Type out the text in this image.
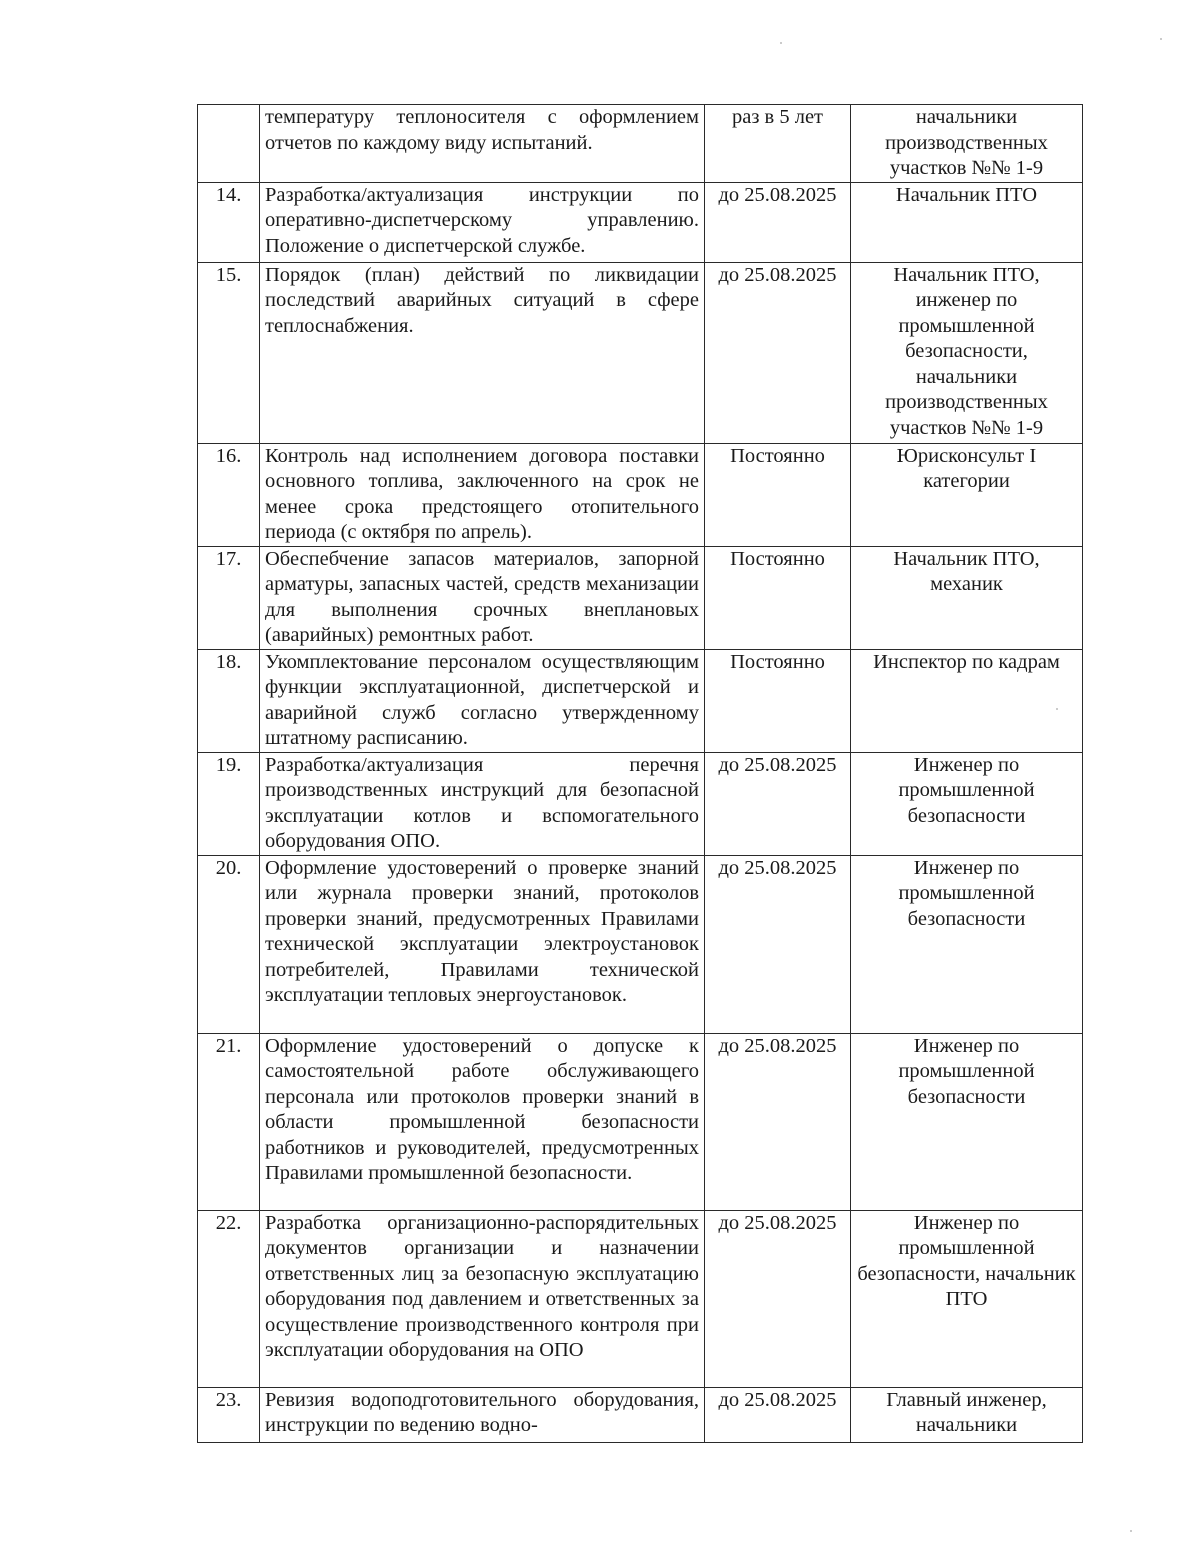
	температуру теплоносителя с оформлением отчетов по каждому виду испытаний.	раз в 5 лет	начальники производственных участков №№ 1-9
14.	Разработка/актуализация инструкции по оперативно-диспетчерскому управлению. Положение о диспетчерской службе.	до 25.08.2025	Начальник ПТО
15.	Порядок (план) действий по ликвидации последствий аварийных ситуаций в сфере теплоснабжения.	до 25.08.2025	Начальник ПТО, инженер по промышленной безопасности, начальники производственных участков №№ 1-9
16.	Контроль над исполнением договора поставки основного топлива, заключенного на срок не менее срока предстоящего отопительного периода (с октября по апрель).	Постоянно	Юрисконсульт I категории
17.	Обеспебчение запасов материалов, запорной арматуры, запасных частей, средств механизации для выполнения срочных внеплановых (аварийных) ремонтных работ.	Постоянно	Начальник ПТО, механик
18.	Укомплектование персоналом осуществляющим функции эксплуатационной, диспетчерской и аварийной служб согласно утвержденному штатному расписанию.	Постоянно	Инспектор по кадрам
19.	Разработка/актуализация перечня производственных инструкций для безопасной эксплуатации котлов и вспомогательного оборудования ОПО.	до 25.08.2025	Инженер по промышленной безопасности
20.	Оформление удостоверений о проверке знаний или журнала проверки знаний, протоколов проверки знаний, предусмотренных Правилами технической эксплуатации электроустановок потребителей, Правилами технической эксплуатации тепловых энергоустановок.	до 25.08.2025	Инженер по промышленной безопасности
21.	Оформление удостоверений о допуске к самостоятельной работе обслуживающего персонала или протоколов проверки знаний в области промышленной безопасности работников и руководителей, предусмотренных Правилами промышленной безопасности.	до 25.08.2025	Инженер по промышленной безопасности
22.	Разработка организационно-распорядительных документов организации и назначении ответственных лиц за безопасную эксплуатацию оборудования под давлением и ответственных за осуществление производственного контроля при эксплуатации оборудования на ОПО	до 25.08.2025	Инженер по промышленной безопасности, начальник ПТО
23.	Ревизия водоподготовительного оборудования, инструкции по ведению водно-	до 25.08.2025	Главный инженер, начальники
